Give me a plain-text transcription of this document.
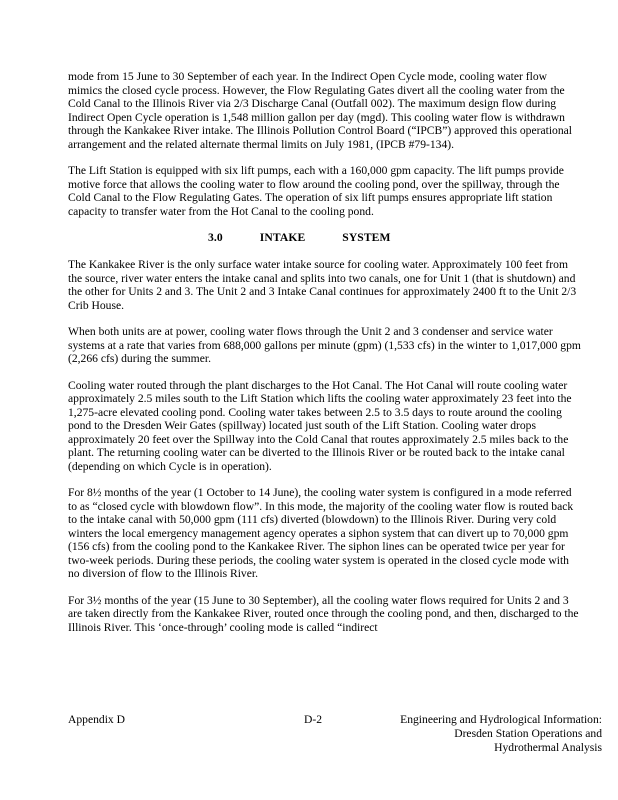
mode from 15 June to 30 September of each year. In the Indirect Open Cycle mode, cooling water flow mimics the closed cycle process. However, the Flow Regulating Gates divert all the cooling water from the Cold Canal to the Illinois River via 2/3 Discharge Canal (Outfall 002). The maximum design flow during Indirect Open Cycle operation is 1,548 million gallon per day (mgd). This cooling water flow is withdrawn through the Kankakee River intake. The Illinois Pollution Control Board (“IPCB”) approved this operational arrangement and the related alternate thermal limits on July 1981, (IPCB #79-134).

The Lift Station is equipped with six lift pumps, each with a 160,000 gpm capacity. The lift pumps provide motive force that allows the cooling water to flow around the cooling pond, over the spillway, through the Cold Canal to the Flow Regulating Gates. The operation of six lift pumps ensures appropriate lift station capacity to transfer water from the Hot Canal to the cooling pond.

3.0 INTAKE SYSTEM

The Kankakee River is the only surface water intake source for cooling water. Approximately 100 feet from the source, river water enters the intake canal and splits into two canals, one for Unit 1 (that is shutdown) and the other for Units 2 and 3. The Unit 2 and 3 Intake Canal continues for approximately 2400 ft to the Unit 2/3 Crib House.

When both units are at power, cooling water flows through the Unit 2 and 3 condenser and service water systems at a rate that varies from 688,000 gallons per minute (gpm) (1,533 cfs) in the winter to 1,017,000 gpm (2,266 cfs) during the summer.

Cooling water routed through the plant discharges to the Hot Canal. The Hot Canal will route cooling water approximately 2.5 miles south to the Lift Station which lifts the cooling water approximately 23 feet into the 1,275-acre elevated cooling pond. Cooling water takes between 2.5 to 3.5 days to route around the cooling pond to the Dresden Weir Gates (spillway) located just south of the Lift Station. Cooling water drops approximately 20 feet over the Spillway into the Cold Canal that routes approximately 2.5 miles back to the plant. The returning cooling water can be diverted to the Illinois River or be routed back to the intake canal (depending on which Cycle is in operation).

For 8½ months of the year (1 October to 14 June), the cooling water system is configured in a mode referred to as “closed cycle with blowdown flow”. In this mode, the majority of the cooling water flow is routed back to the intake canal with 50,000 gpm (111 cfs) diverted (blowdown) to the Illinois River. During very cold winters the local emergency management agency operates a siphon system that can divert up to 70,000 gpm (156 cfs) from the cooling pond to the Kankakee River. The siphon lines can be operated twice per year for two-week periods. During these periods, the cooling water system is operated in the closed cycle mode with no diversion of flow to the Illinois River.

For 3½ months of the year (15 June to 30 September), all the cooling water flows required for Units 2 and 3 are taken directly from the Kankakee River, routed once through the cooling pond, and then, discharged to the Illinois River. This ‘once-through’ cooling mode is called “indirect

Appendix D	D-2	Engineering and Hydrological Information:
Dresden Station Operations and
Hydrothermal Analysis
